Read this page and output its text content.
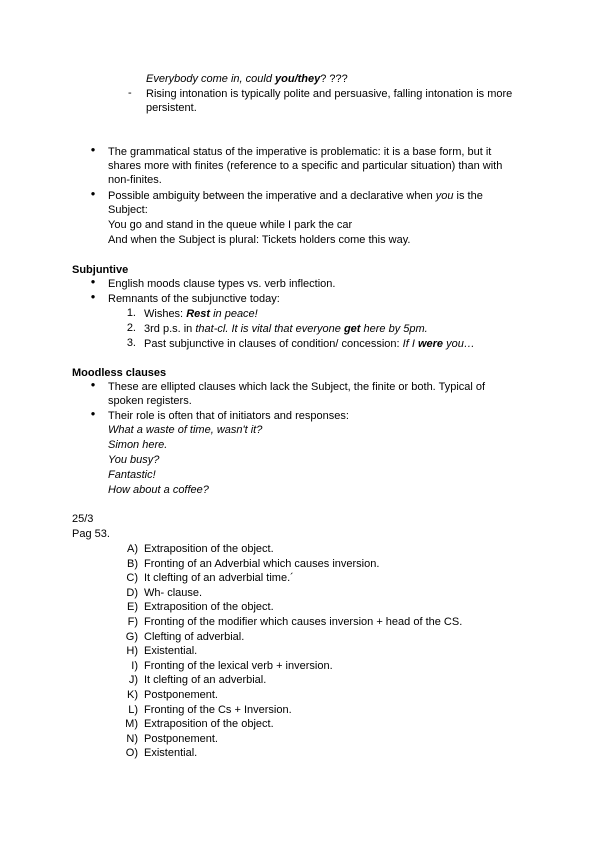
Everybody come in, could you/they? ???
- Rising intonation is typically polite and persuasive, falling intonation is more
persistent.
● The grammatical status of the imperative is problematic: it is a base form, but it
shares more with finites (reference to a specific and particular situation) than with
non-finites.
● Possible ambiguity between the imperative and a declarative when you is the
Subject:
You go and stand in the queue while I park the car
And when the Subject is plural: Tickets holders come this way.
Subjuntive
● English moods clause types vs. verb inflection.
● Remnants of the subjunctive today:
1. Wishes: Rest in peace!
2. 3rd p.s. in that-cl. It is vital that everyone get here by 5pm.
3. Past subjunctive in clauses of condition/ concession: If I were you…
Moodless clauses
● These are ellipted clauses which lack the Subject, the finite or both. Typical of
spoken registers.
● Their role is often that of initiators and responses:
What a waste of time, wasn't it?
Simon here.
You busy?
Fantastic!
How about a coffee?
25/3
Pag 53.
A) Extraposition of the object.
B) Fronting of an Adverbial which causes inversion.
C) It clefting of an adverbial time.´
D) Wh- clause.
E) Extraposition of the object.
F) Fronting of the modifier which causes inversion + head of the CS.
G) Clefting of adverbial.
H) Existential.
I) Fronting of the lexical verb + inversion.
J) It clefting of an adverbial.
K) Postponement.
L) Fronting of the Cs + Inversion.
M) Extraposition of the object.
N) Postponement.
O) Existential.
